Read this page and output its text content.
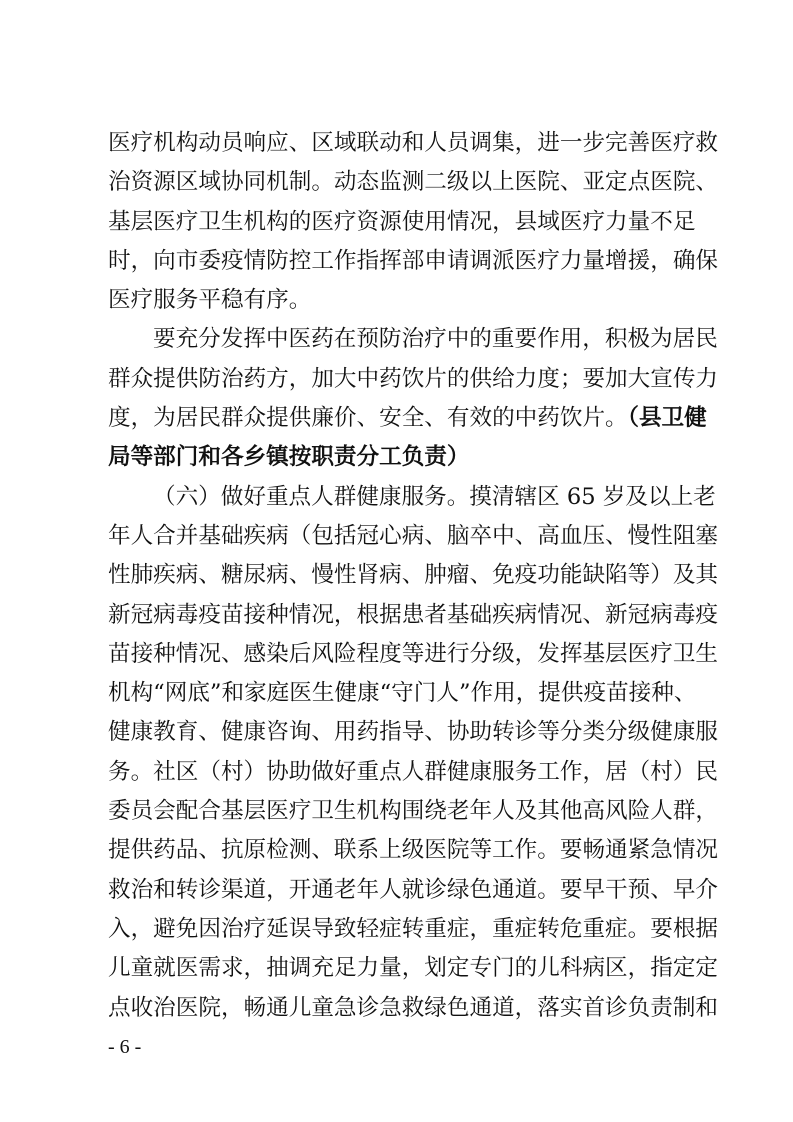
医疗机构动员响应、区域联动和人员调集，进一步完善医疗救
治资源区域协同机制。动态监测二级以上医院、亚定点医院、
基层医疗卫生机构的医疗资源使用情况，县域医疗力量不足
时，向市委疫情防控工作指挥部申请调派医疗力量增援，确保
医疗服务平稳有序。
要充分发挥中医药在预防治疗中的重要作用，积极为居民
群众提供防治药方，加大中药饮片的供给力度；要加大宣传力
度，为居民群众提供廉价、安全、有效的中药饮片。（县卫健
局等部门和各乡镇按职责分工负责）
（六）做好重点人群健康服务。摸清辖区 65 岁及以上老
年人合并基础疾病（包括冠心病、脑卒中、高血压、慢性阻塞
性肺疾病、糖尿病、慢性肾病、肿瘤、免疫功能缺陷等）及其
新冠病毒疫苗接种情况，根据患者基础疾病情况、新冠病毒疫
苗接种情况、感染后风险程度等进行分级，发挥基层医疗卫生
机构“网底”和家庭医生健康“守门人”作用，提供疫苗接种、
健康教育、健康咨询、用药指导、协助转诊等分类分级健康服
务。社区（村）协助做好重点人群健康服务工作，居（村）民
委员会配合基层医疗卫生机构围绕老年人及其他高风险人群，
提供药品、抗原检测、联系上级医院等工作。要畅通紧急情况
救治和转诊渠道，开通老年人就诊绿色通道。要早干预、早介
入，避免因治疗延误导致轻症转重症，重症转危重症。要根据
儿童就医需求，抽调充足力量，划定专门的儿科病区，指定定
点收治医院，畅通儿童急诊急救绿色通道，落实首诊负责制和
- 6 -
